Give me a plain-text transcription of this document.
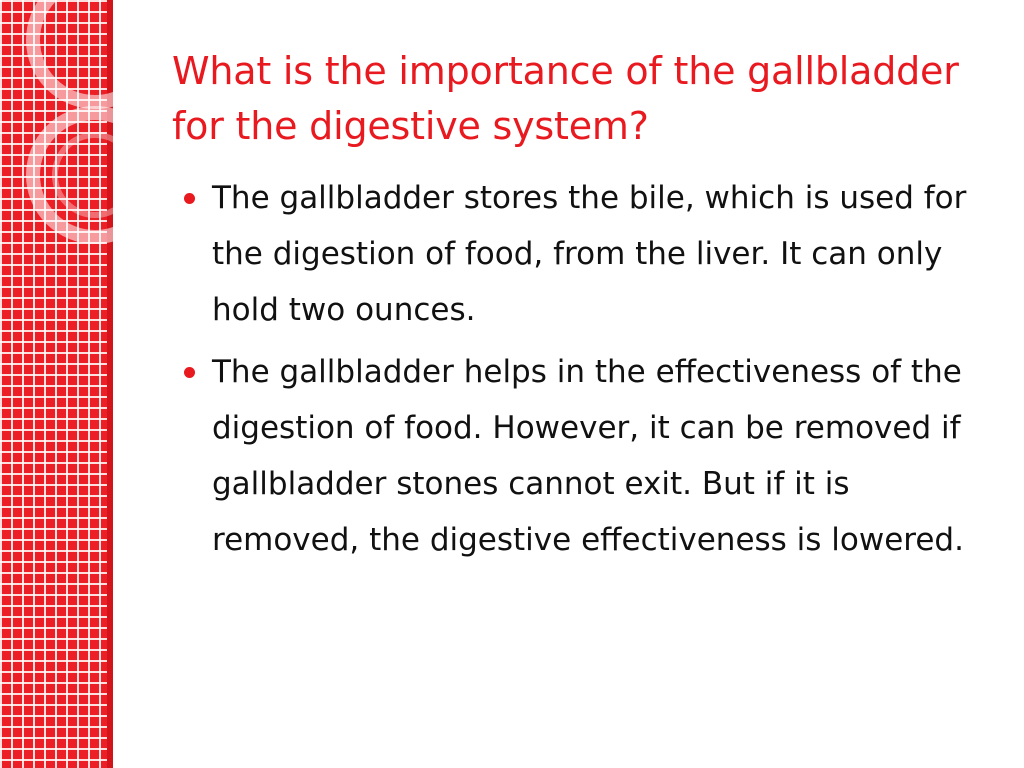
What is the importance of the gallbladder for the digestive system?
The gallbladder stores the bile, which is used for the digestion of food, from the liver. It can only hold two ounces.
The gallbladder helps in the effectiveness of the digestion of food. However, it can be removed if gallbladder stones cannot exit. But if it is removed, the digestive effectiveness is lowered.
